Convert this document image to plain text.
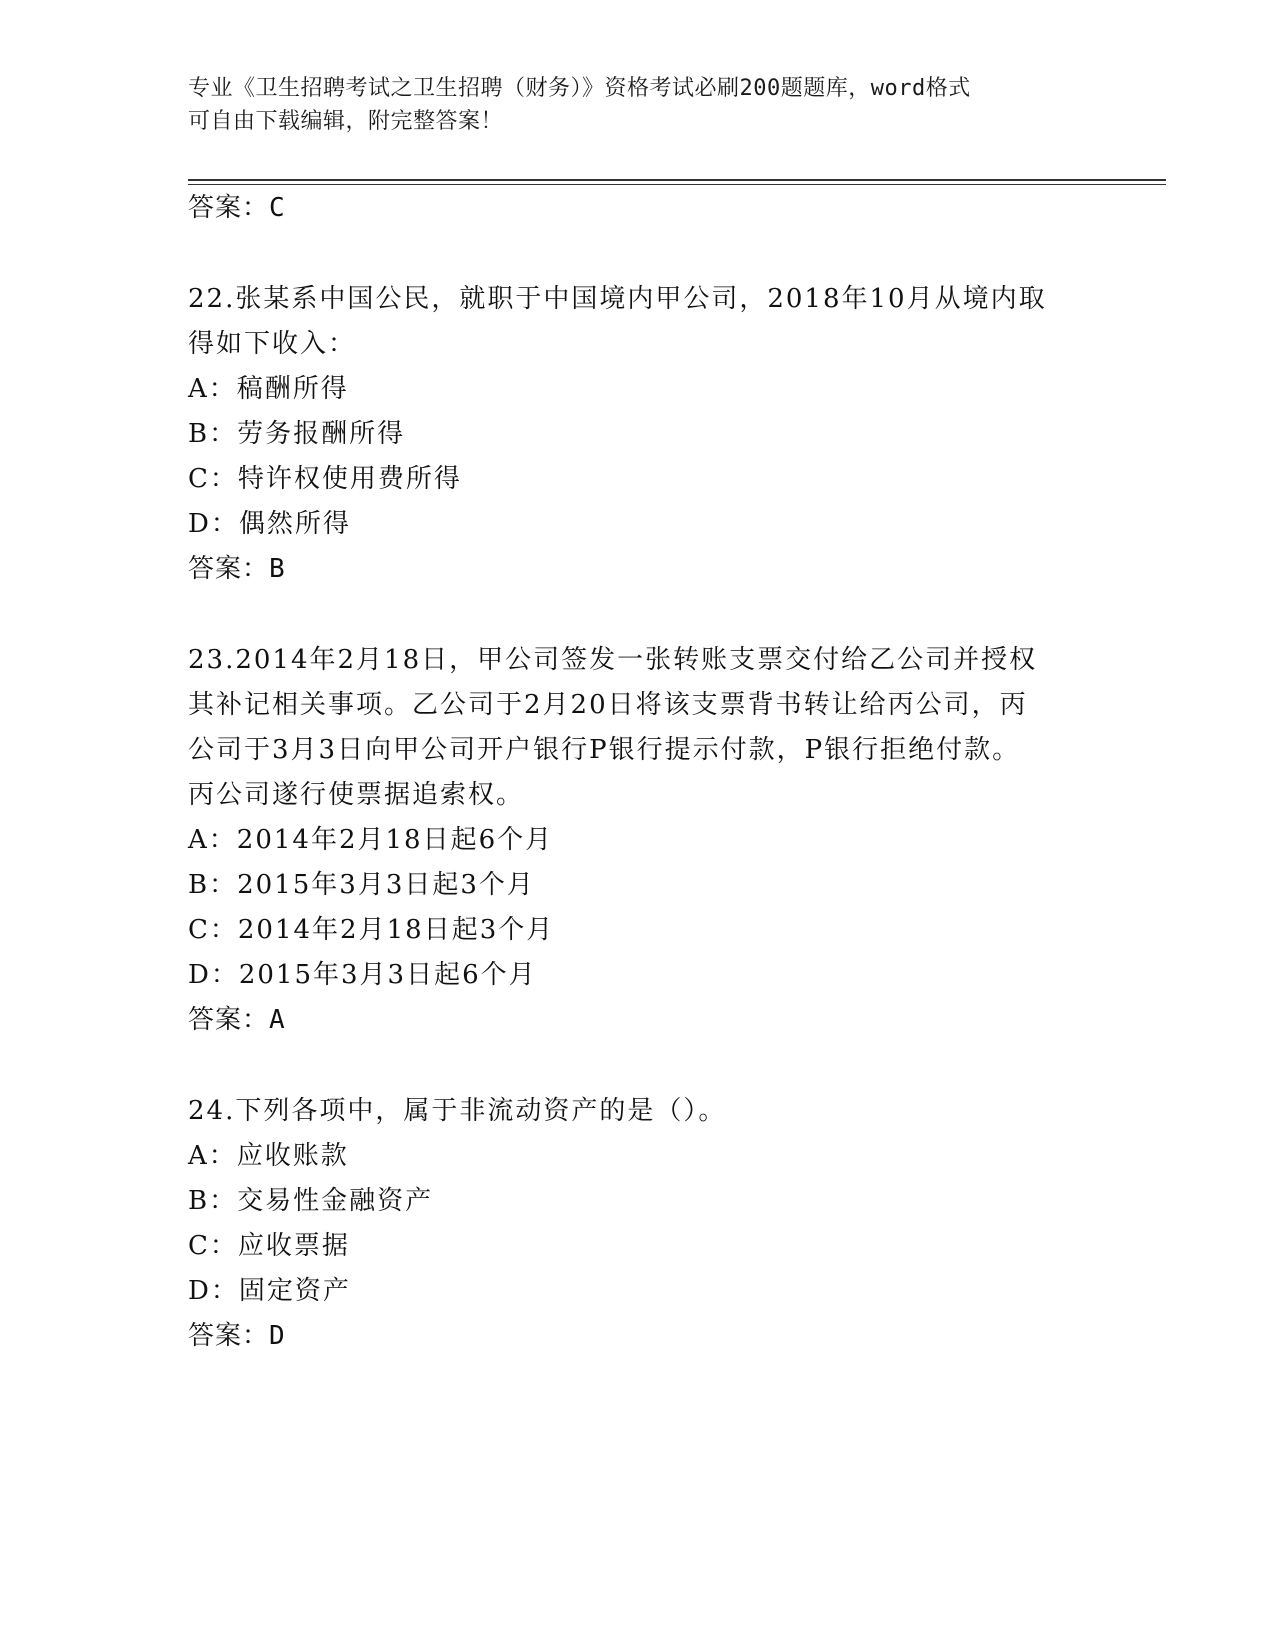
专业《卫生招聘考试之卫生招聘（财务）》资格考试必刷200题题库，word格式
可自由下载编辑，附完整答案！
答案：C
22.张某系中国公民，就职于中国境内甲公司，2018年10月从境内取
得如下收入：
A：稿酬所得
B：劳务报酬所得
C：特许权使用费所得
D：偶然所得
答案：B
23.2014年2月18日，甲公司签发一张转账支票交付给乙公司并授权
其补记相关事项。乙公司于2月20日将该支票背书转让给丙公司，丙
公司于3月3日向甲公司开户银行P银行提示付款，P银行拒绝付款。
丙公司遂行使票据追索权。
A：2014年2月18日起6个月
B：2015年3月3日起3个月
C：2014年2月18日起3个月
D：2015年3月3日起6个月
答案：A
24.下列各项中，属于非流动资产的是（）。
A：应收账款
B：交易性金融资产
C：应收票据
D：固定资产
答案：D
